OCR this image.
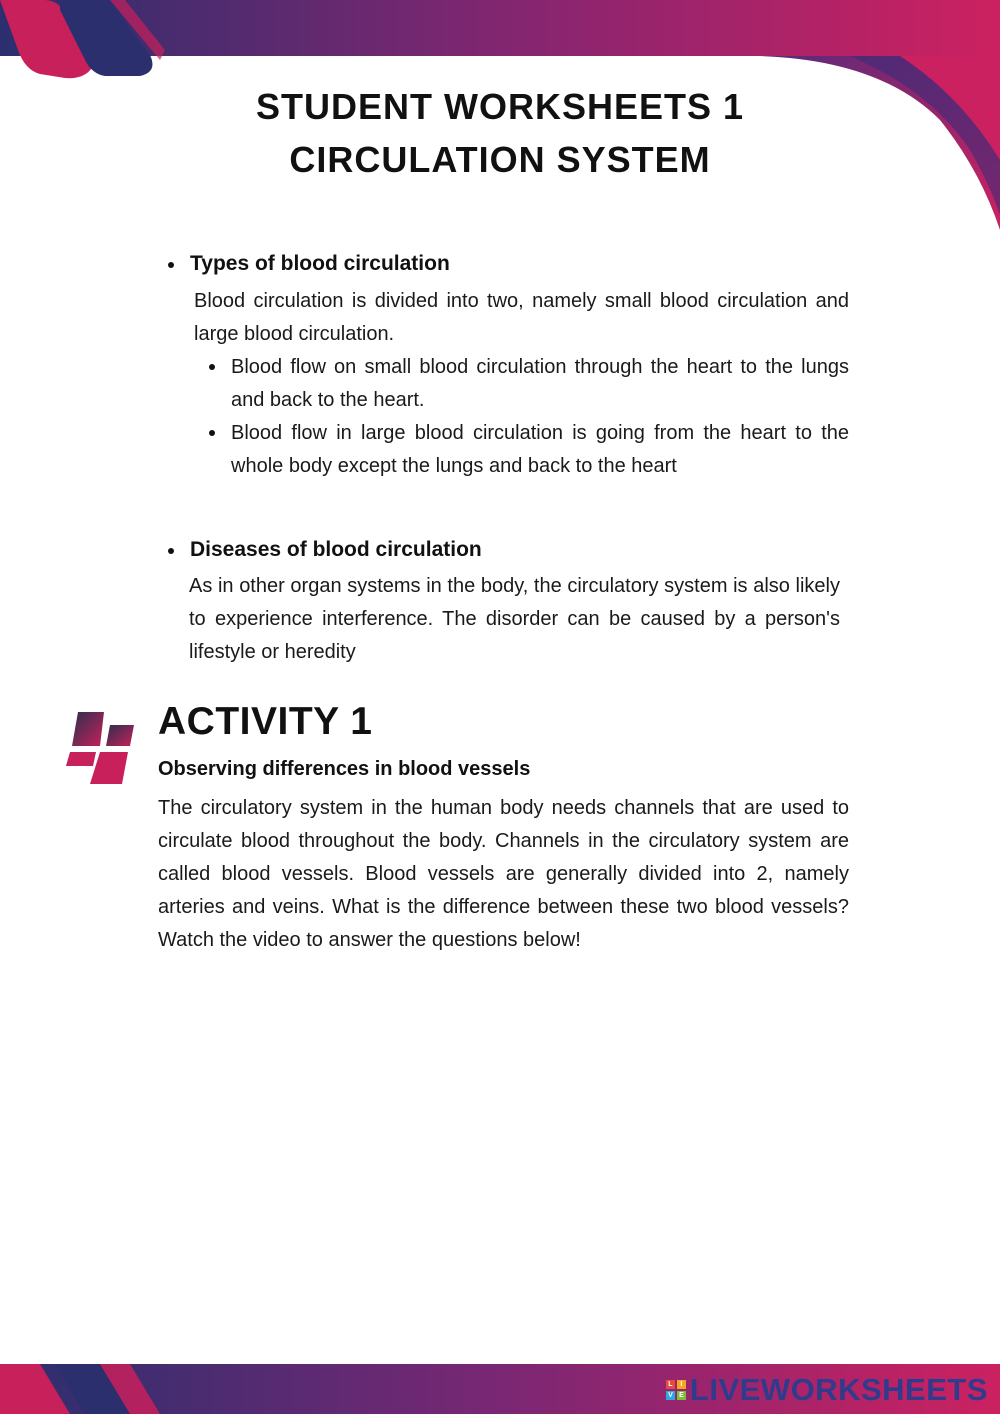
STUDENT WORKSHEETS 1
CIRCULATION SYSTEM
Types of blood circulation
Blood circulation is divided into two, namely small blood circulation and large blood circulation.
Blood flow on small blood circulation through the heart to the lungs and back to the heart.
Blood flow in large blood circulation is going from the heart to the whole body except the lungs and back to the heart
Diseases of blood circulation
As in other organ systems in the body, the circulatory system is also likely to experience interference. The disorder can be caused by a person's lifestyle or heredity
ACTIVITY 1
Observing differences in blood vessels
The circulatory system in the human body needs channels that are used to circulate blood throughout the body. Channels in the circulatory system are called blood vessels. Blood vessels are generally divided into 2, namely arteries and veins. What is the difference between these two blood vessels? Watch the video to answer the questions below!
L	I
V E LIVEWORKSHEETS
